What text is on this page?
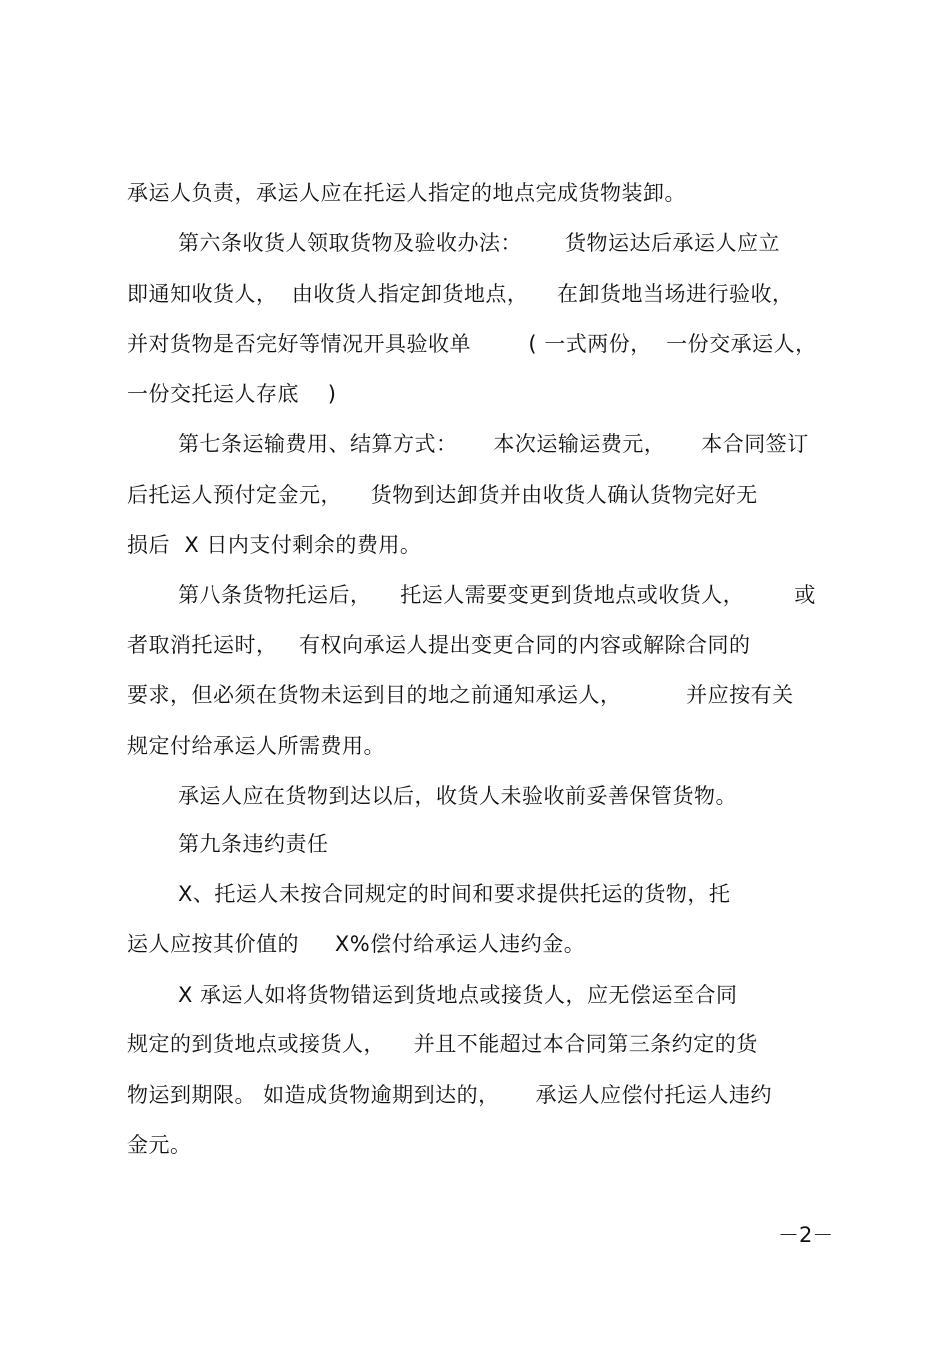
承运人负责，承运人应在托运人指定的地点完成货物装卸。
第六条收货人领取货物及验收办法：      货物运达后承运人应立
即通知收货人，  由收货人指定卸货地点，    在卸货地当场进行验收，
并对货物是否完好等情况开具验收单        ( 一式两份，  一份交承运人，
一份交托运人存底    )
第七条运输费用、结算方式：     本次运输运费元，     本合同签订
后托运人预付定金元，    货物到达卸货并由收货人确认货物完好无
损后  X 日内支付剩余的费用。
第八条货物托运后，    托运人需要变更到货地点或收货人，       或
者取消托运时，   有权向承运人提出变更合同的内容或解除合同的
要求，但必须在货物未运到目的地之前通知承运人，         并应按有关
规定付给承运人所需费用。
承运人应在货物到达以后，收货人未验收前妥善保管货物。
第九条违约责任
X、托运人未按合同规定的时间和要求提供托运的货物，托
运人应按其价值的     X%偿付给承运人违约金。
X 承运人如将货物错运到货地点或接货人，应无偿运至合同
规定的到货地点或接货人，    并且不能超过本合同第三条约定的货
物运到期限。 如造成货物逾期到达的，     承运人应偿付托运人违约
金元。
－2－
